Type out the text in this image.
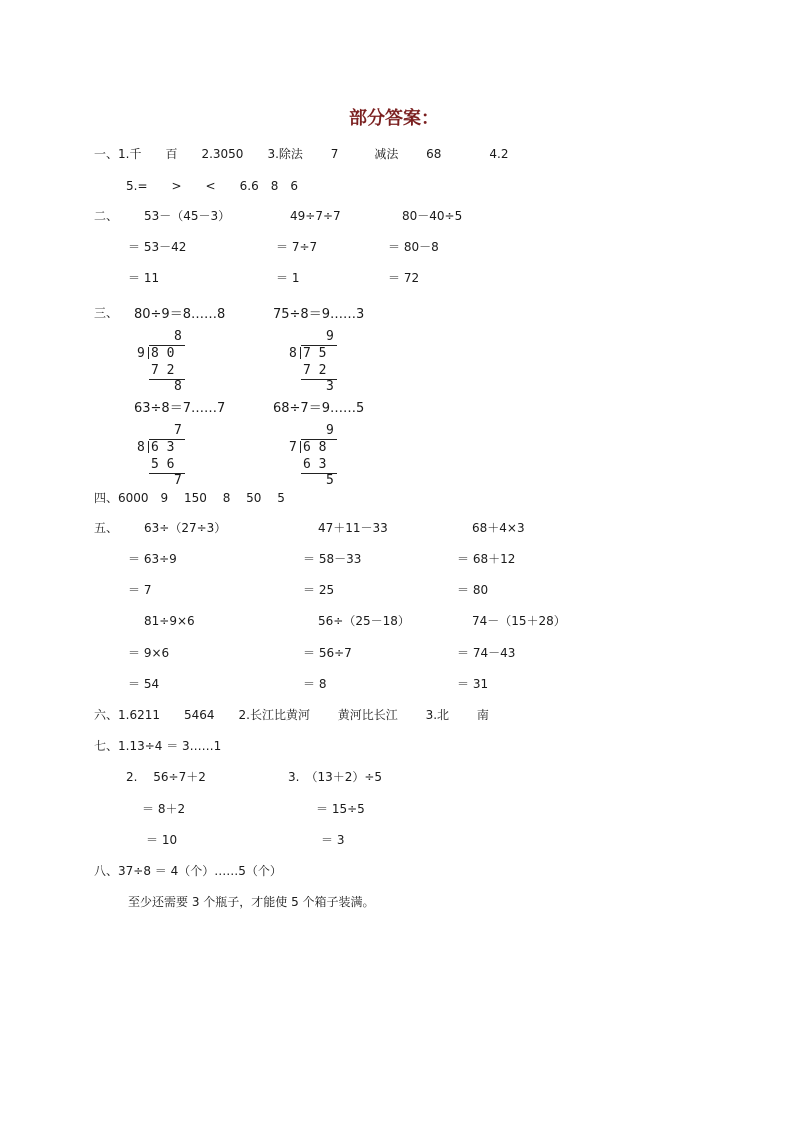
部分答案：
一、1.千　　百　　2.3050　　3.除法　　 7　　　减法　　 68　　　　4.2
5.=　　>　　<　　6.6　8　6
二、 53－（45－3）
＝ 53－42
＝ 11
49÷7÷7
＝ 7÷7
＝ 1
80－40÷5
＝ 80－8
＝ 72
三、 80÷9＝8……8	75÷8＝9……3
63÷8＝7……7	68÷7＝9……5
8
9 8 0
7 2
8
9
8 7 5
7 2
3
7
8 6 3
5 6
7
9
7 6 8
6 3
5
四、6000　9　 150　 8　 50　 5
五、 63÷（27÷3）
＝ 63÷9
＝ 7
81÷9×6
＝ 9×6
＝ 54
47＋11－33
＝ 58－33
＝ 25
56÷（25－18）
＝ 56÷7
＝ 8
68＋4×3
＝ 68＋12
＝ 80
74－（15＋28）
＝ 74－43
＝ 31
六、1.6211　　5464　　2.长江比黄河　　 黄河比长江　　 3.北　　 南
七、1.13÷4 ＝ 3……1
2.　 56÷7＋2
＝ 8＋2
＝ 10
3.　（13＋2）÷5
＝ 15÷5
＝ 3
八、37÷8 ＝ 4（个）……5（个）
至少还需要 3 个瓶子，才能使 5 个箱子装满。
